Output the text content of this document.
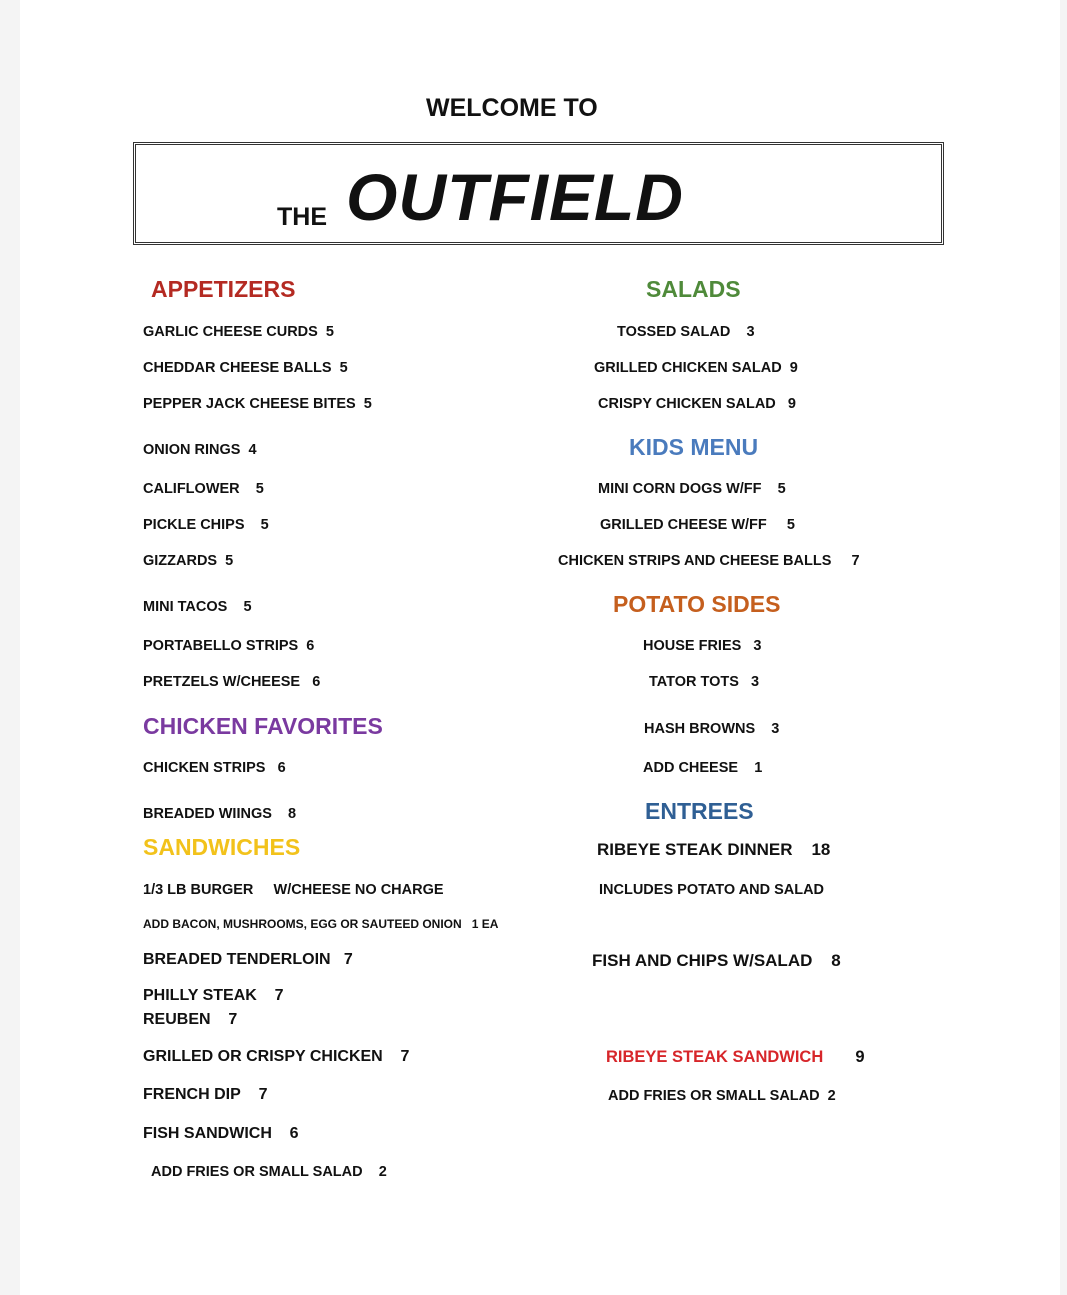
WELCOME TO
THE OUTFIELD
APPETIZERS
GARLIC CHEESE CURDS 5
CHEDDAR CHEESE BALLS 5
PEPPER JACK CHEESE BITES 5
ONION RINGS 4
CALIFLOWER 5
PICKLE CHIPS 5
GIZZARDS 5
MINI TACOS 5
PORTABELLO STRIPS 6
PRETZELS W/CHEESE 6
CHICKEN FAVORITES
CHICKEN STRIPS 6
BREADED WIINGS 8
SANDWICHES
1/3 LB BURGER W/CHEESE NO CHARGE
ADD BACON, MUSHROOMS, EGG OR SAUTEED ONION 1 EA
BREADED TENDERLOIN 7
PHILLY STEAK 7
REUBEN 7
GRILLED OR CRISPY CHICKEN 7
FRENCH DIP 7
FISH SANDWICH 6
ADD FRIES OR SMALL SALAD 2
SALADS
TOSSED SALAD 3
GRILLED CHICKEN SALAD 9
CRISPY CHICKEN SALAD 9
KIDS MENU
MINI CORN DOGS W/FF 5
GRILLED CHEESE W/FF 5
CHICKEN STRIPS AND CHEESE BALLS 7
POTATO SIDES
HOUSE FRIES 3
TATOR TOTS 3
HASH BROWNS 3
ADD CHEESE 1
ENTREES
RIBEYE STEAK DINNER 18
INCLUDES POTATO AND SALAD
FISH AND CHIPS W/SALAD 8
RIBEYE STEAK SANDWICH 9
ADD FRIES OR SMALL SALAD 2
